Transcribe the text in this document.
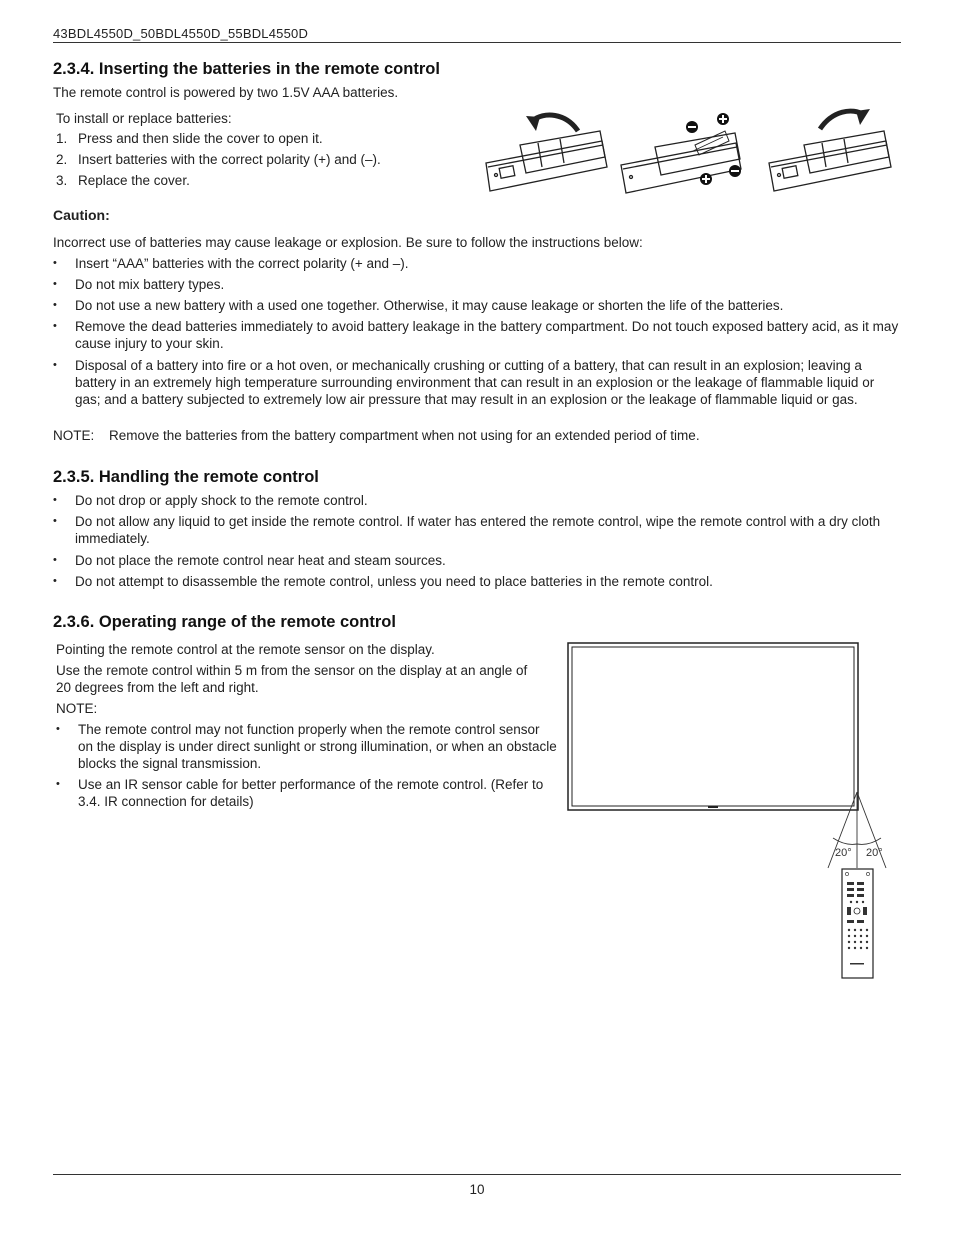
43BDL4550D_50BDL4550D_55BDL4550D
2.3.4. Inserting the batteries in the remote control

The remote control is powered by two 1.5V AAA batteries.

To install or replace batteries:

1. Press and then slide the cover to open it.
2. Insert batteries with the correct polarity (+) and (–).
3. Replace the cover.
Caution:

Incorrect use of batteries may cause leakage or explosion. Be sure to follow the instructions below:

• Insert “AAA” batteries with the correct polarity (+ and –).
• Do not mix battery types.
• Do not use a new battery with a used one together. Otherwise, it may cause leakage or shorten the life of the batteries.
• Remove the dead batteries immediately to avoid battery leakage in the battery compartment. Do not touch exposed battery acid, as it may cause injury to your skin.
• Disposal of a battery into fire or a hot oven, or mechanically crushing or cutting of a battery, that can result in an explosion; leaving a battery in an extremely high temperature surrounding environment that can result in an explosion or the leakage of flammable liquid or gas; and a battery subjected to extremely low air pressure that may result in an explosion or the leakage of flammable liquid or gas.
NOTE: Remove the batteries from the battery compartment when not using for an extended period of time.
2.3.5. Handling the remote control
• Do not drop or apply shock to the remote control.
• Do not allow any liquid to get inside the remote control. If water has entered the remote control, wipe the remote control with a dry cloth immediately.
• Do not place the remote control near heat and steam sources.
• Do not attempt to disassemble the remote control, unless you need to place batteries in the remote control.
2.3.6. Operating range of the remote control

Pointing the remote control at the remote sensor on the display.

Use the remote control within 5 m from the sensor on the display at an angle of 20 degrees from the left and right.

NOTE:

• The remote control may not function properly when the remote control sensor on the display is under direct sunlight or strong illumination, or when an obstacle blocks the signal transmission.
• Use an IR sensor cable for better performance of the remote control. (Refer to 3.4. IR connection for details)
20° 20°
10
